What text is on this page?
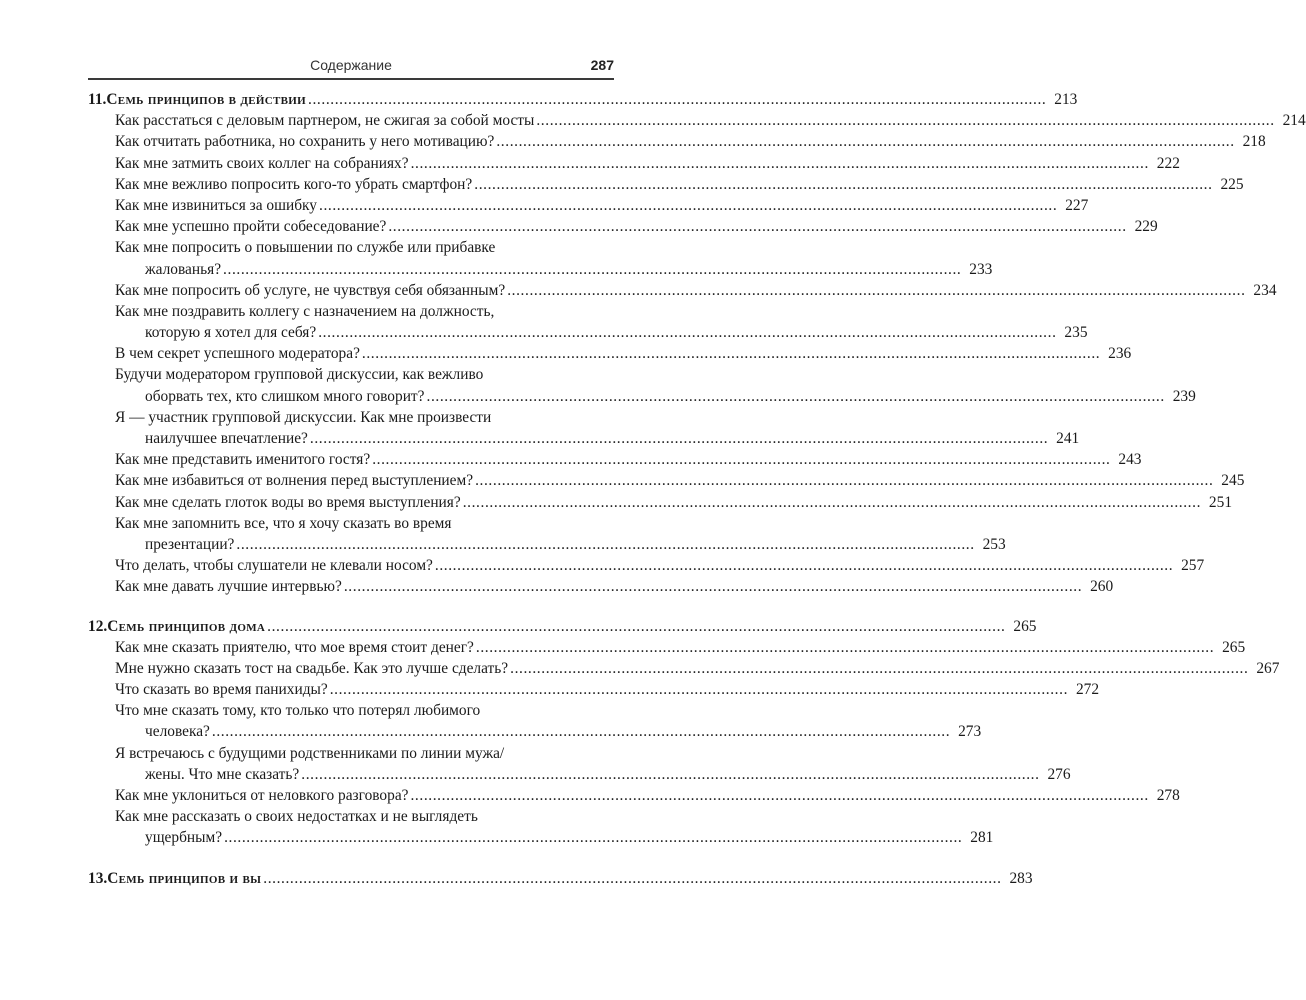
Содержание	287
11. Семь принципов в действии ...................................................................................................................................................................... 213
Как расстаться с деловым партнером, не сжигая за собой мосты ...................................................................................................................................................................... 214
Как отчитать работника, но сохранить у него мотивацию? ...................................................................................................................................................................... 218
Как мне затмить своих коллег на собраниях? ...................................................................................................................................................................... 222
Как мне вежливо попросить кого-то убрать смартфон? ...................................................................................................................................................................... 225
Как мне извиниться за ошибку ...................................................................................................................................................................... 227
Как мне успешно пройти собеседование? ...................................................................................................................................................................... 229
Как мне попросить о повышении по службе или прибавке
жалованья? ...................................................................................................................................................................... 233
Как мне попросить об услуге, не чувствуя себя обязанным? ...................................................................................................................................................................... 234
Как мне поздравить коллегу с назначением на должность,
которую я хотел для себя? ...................................................................................................................................................................... 235
В чем секрет успешного модератора? ...................................................................................................................................................................... 236
Будучи модератором групповой дискуссии, как вежливо
оборвать тех, кто слишком много говорит? ...................................................................................................................................................................... 239
Я — участник групповой дискуссии. Как мне произвести
наилучшее впечатление? ...................................................................................................................................................................... 241
Как мне представить именитого гостя? ...................................................................................................................................................................... 243
Как мне избавиться от волнения перед выступлением? ...................................................................................................................................................................... 245
Как мне сделать глоток воды во время выступления? ...................................................................................................................................................................... 251
Как мне запомнить все, что я хочу сказать во время
презентации? ...................................................................................................................................................................... 253
Что делать, чтобы слушатели не клевали носом? ...................................................................................................................................................................... 257
Как мне давать лучшие интервью? ...................................................................................................................................................................... 260
12. Семь принципов дома ...................................................................................................................................................................... 265
Как мне сказать приятелю, что мое время стоит денег? ...................................................................................................................................................................... 265
Мне нужно сказать тост на свадьбе. Как это лучше сделать? ...................................................................................................................................................................... 267
Что сказать во время панихиды? ...................................................................................................................................................................... 272
Что мне сказать тому, кто только что потерял любимого
человека? ...................................................................................................................................................................... 273
Я встречаюсь с будущими родственниками по линии мужа/
жены. Что мне сказать? ...................................................................................................................................................................... 276
Как мне уклониться от неловкого разговора? ...................................................................................................................................................................... 278
Как мне рассказать о своих недостатках и не выглядеть
ущербным? ...................................................................................................................................................................... 281
13. Семь принципов и вы ...................................................................................................................................................................... 283
